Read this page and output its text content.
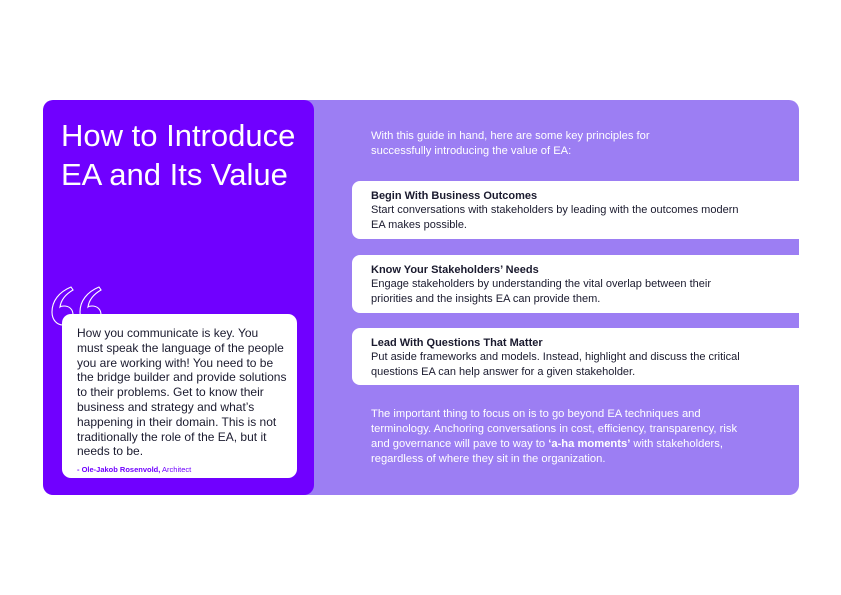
How to Introduce EA and Its Value

How you communicate is key. You must speak the language of the people you are working with! You need to be the bridge builder and provide solutions to their problems. Get to know their business and strategy and what’s happening in their domain. This is not traditionally the role of the EA, but it needs to be.

- Ole-Jakob Rosenvold, Architect

With this guide in hand, here are some key principles for successfully introducing the value of EA:

Begin With Business Outcomes

Start conversations with stakeholders by leading with the outcomes modern EA makes possible.

Know Your Stakeholders’ Needs

Engage stakeholders by understanding the vital overlap between their priorities and the insights EA can provide them.

Lead With Questions That Matter

Put aside frameworks and models. Instead, highlight and discuss the critical questions EA can help answer for a given stakeholder.

The important thing to focus on is to go beyond EA techniques and terminology. Anchoring conversations in cost, efficiency, transparency, risk and governance will pave to way to ‘a-ha moments’ with stakeholders, regardless of where they sit in the organization.
